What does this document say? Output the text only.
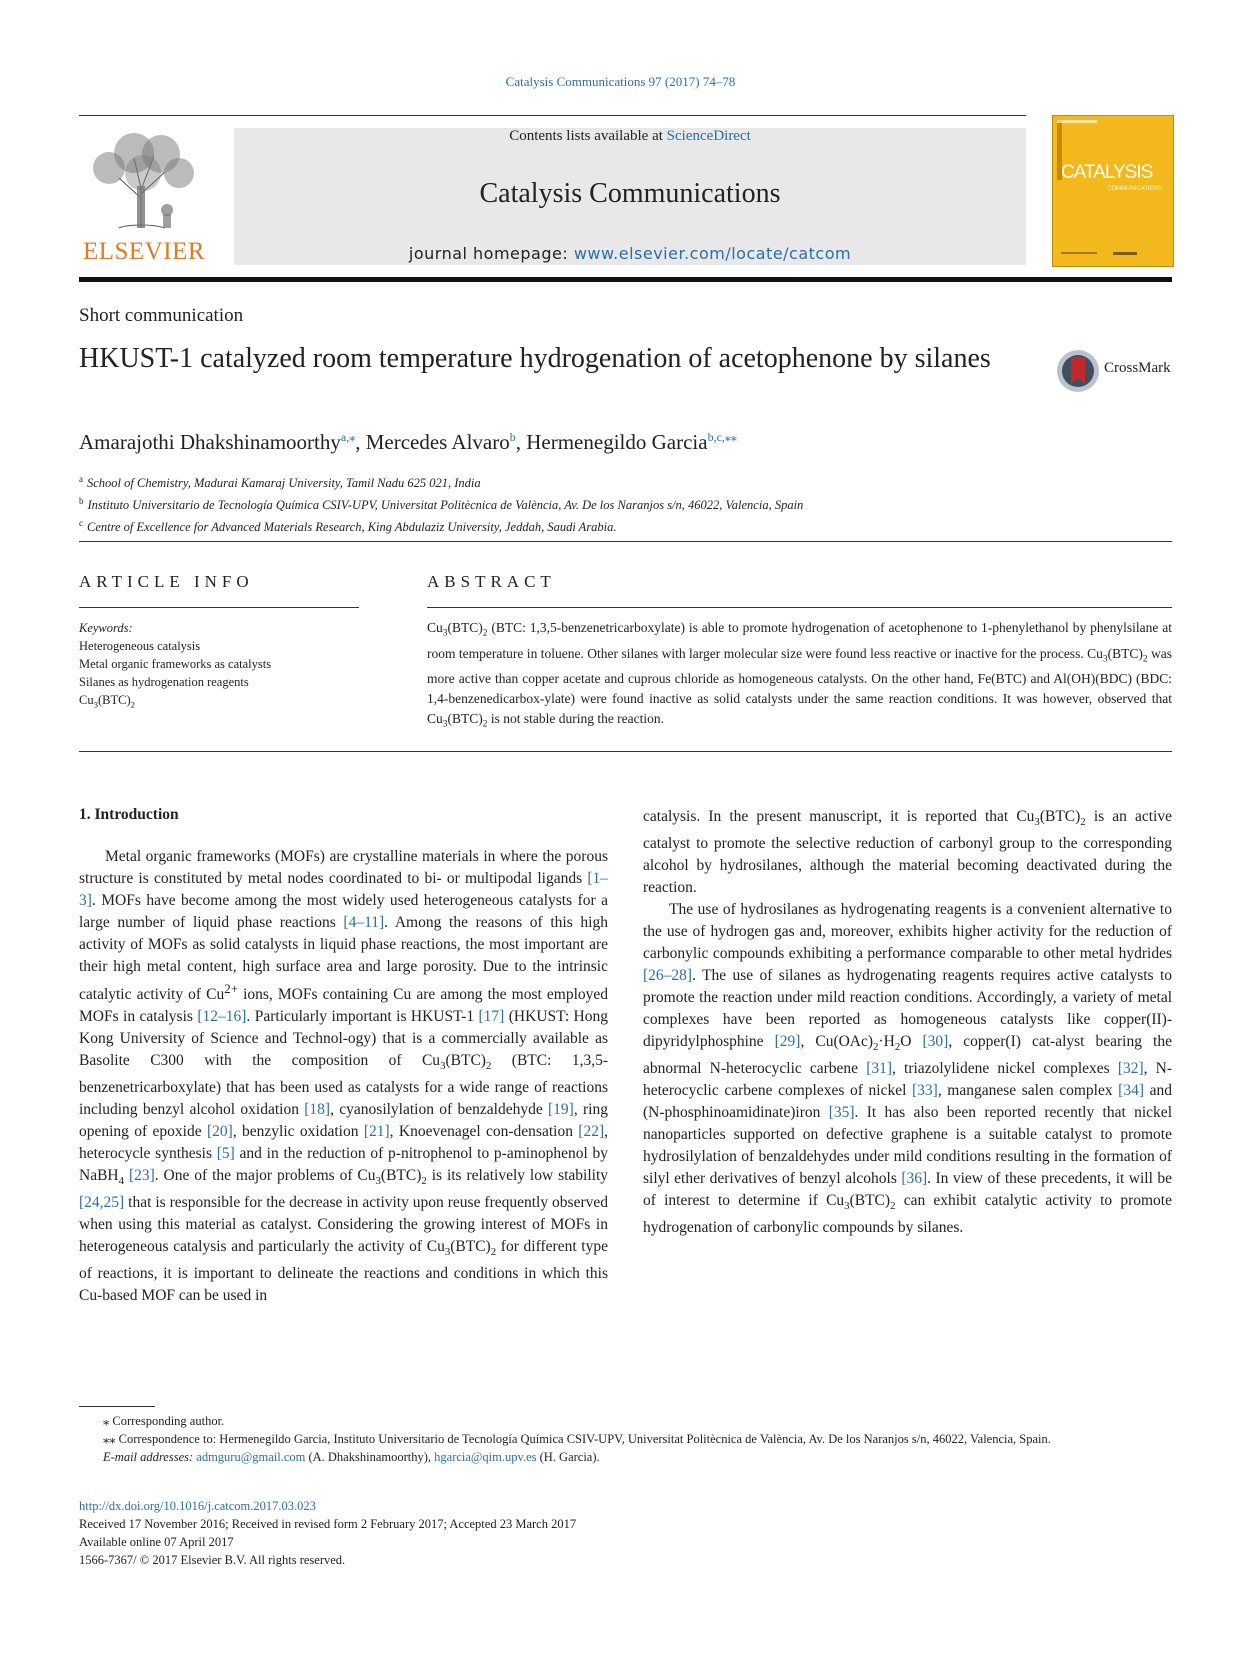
Catalysis Communications 97 (2017) 74–78
ELSEVIER
Contents lists available at ScienceDirect
Catalysis Communications
journal homepage: www.elsevier.com/locate/catcom
CATALYSIS
COMMUNICATIONS
Short communication
HKUST-1 catalyzed room temperature hydrogenation of acetophenone by silanes	CrossMark
Amarajothi Dhakshinamoorthy$^{a,⁎}$, Mercedes Alvaro$^b$, Hermenegildo Garcia$^{b,c,⁎⁎}$
$^a$ School of Chemistry, Madurai Kamaraj University, Tamil Nadu 625 021, India
$^b$ Instituto Universitario de Tecnología Química CSIV-UPV, Universitat Politècnica de València, Av. De los Naranjos s/n, 46022, Valencia, Spain
$^c$ Centre of Excellence for Advanced Materials Research, King Abdulaziz University, Jeddah, Saudi Arabia.
ARTICLE INFO	ABSTRACT
Keywords:
Heterogeneous catalysis
Metal organic frameworks as catalysts
Silanes as hydrogenation reagents
$Cu_3(BTC)_2$
$Cu_3(BTC)_2$ (BTC: 1,3,5-benzenetricarboxylate) is able to promote hydrogenation of acetophenone to 1-phenylethanol by phenylsilane at room temperature in toluene. Other silanes with larger molecular size were found less reactive or inactive for the process. $Cu_3(BTC)_2$ was more active than copper acetate and cuprous chloride as homogeneous catalysts. On the other hand, Fe(BTC) and Al(OH)(BDC) (BDC: 1,4-benzenedicarbox-ylate) were found inactive as solid catalysts under the same reaction conditions. It was however, observed that $Cu_3(BTC)_2$ is not stable during the reaction.
1. Introduction

Metal organic frameworks (MOFs) are crystalline materials in where the porous structure is constituted by metal nodes coordinated to bi- or multipodal ligands [1–3]. MOFs have become among the most widely used heterogeneous catalysts for a large number of liquid phase reactions [4–11]. Among the reasons of this high activity of MOFs as solid catalysts in liquid phase reactions, the most important are their high metal content, high surface area and large porosity. Due to the intrinsic catalytic activity of $Cu^{2+}$ ions, MOFs containing Cu are among the most employed MOFs in catalysis [12–16]. Particularly important is HKUST-1 [17] (HKUST: Hong Kong University of Science and Technol-ogy) that is a commercially available as Basolite C300 with the composition of $Cu_3(BTC)_2$ (BTC: 1,3,5-benzenetricarboxylate) that has been used as catalysts for a wide range of reactions including benzyl alcohol oxidation [18], cyanosilylation of benzaldehyde [19], ring opening of epoxide [20], benzylic oxidation [21], Knoevenagel con-densation [22], heterocycle synthesis [5] and in the reduction of p-nitrophenol to p-aminophenol by NaBH$_4$ [23]. One of the major problems of $Cu_3(BTC)_2$ is its relatively low stability [24,25] that is responsible for the decrease in activity upon reuse frequently observed when using this material as catalyst. Considering the growing interest of MOFs in heterogeneous catalysis and particularly the activity of $Cu_3(BTC)_2$ for different type of reactions, it is important to delineate the reactions and conditions in which this Cu-based MOF can be used in

catalysis. In the present manuscript, it is reported that $Cu_3(BTC)_2$ is an active catalyst to promote the selective reduction of carbonyl group to the corresponding alcohol by hydrosilanes, although the material becoming deactivated during the reaction.

The use of hydrosilanes as hydrogenating reagents is a convenient alternative to the use of hydrogen gas and, moreover, exhibits higher activity for the reduction of carbonylic compounds exhibiting a performance comparable to other metal hydrides [26–28]. The use of silanes as hydrogenating reagents requires active catalysts to promote the reaction under mild reaction conditions. Accordingly, a variety of metal complexes have been reported as homogeneous catalysts like copper(II)-dipyridylphosphine [29], $Cu(OAc)_2\cdot H_2O$ [30], copper(I) cat-alyst bearing the abnormal N-heterocyclic carbene [31], triazolylidene nickel complexes [32], N-heterocyclic carbene complexes of nickel [33], manganese salen complex [34] and (N-phosphinoamidinate)iron [35]. It has also been reported recently that nickel nanoparticles supported on defective graphene is a suitable catalyst to promote hydrosilylation of benzaldehydes under mild conditions resulting in the formation of silyl ether derivatives of benzyl alcohols [36]. In view of these precedents, it will be of interest to determine if $Cu_3(BTC)_2$ can exhibit catalytic activity to promote hydrogenation of carbonylic compounds by silanes.

⁎ Corresponding author.
⁎⁎ Correspondence to: Hermenegildo Garcia, Instituto Universitario de Tecnología Química CSIV-UPV, Universitat Politècnica de València, Av. De los Naranjos s/n, 46022, Valencia, Spain.
E-mail addresses: admguru@gmail.com (A. Dhakshinamoorthy), hgarcia@qim.upv.es (H. Garcia).
http://dx.doi.org/10.1016/j.catcom.2017.03.023
Received 17 November 2016; Received in revised form 2 February 2017; Accepted 23 March 2017
Available online 07 April 2017
1566-7367/ © 2017 Elsevier B.V. All rights reserved.
